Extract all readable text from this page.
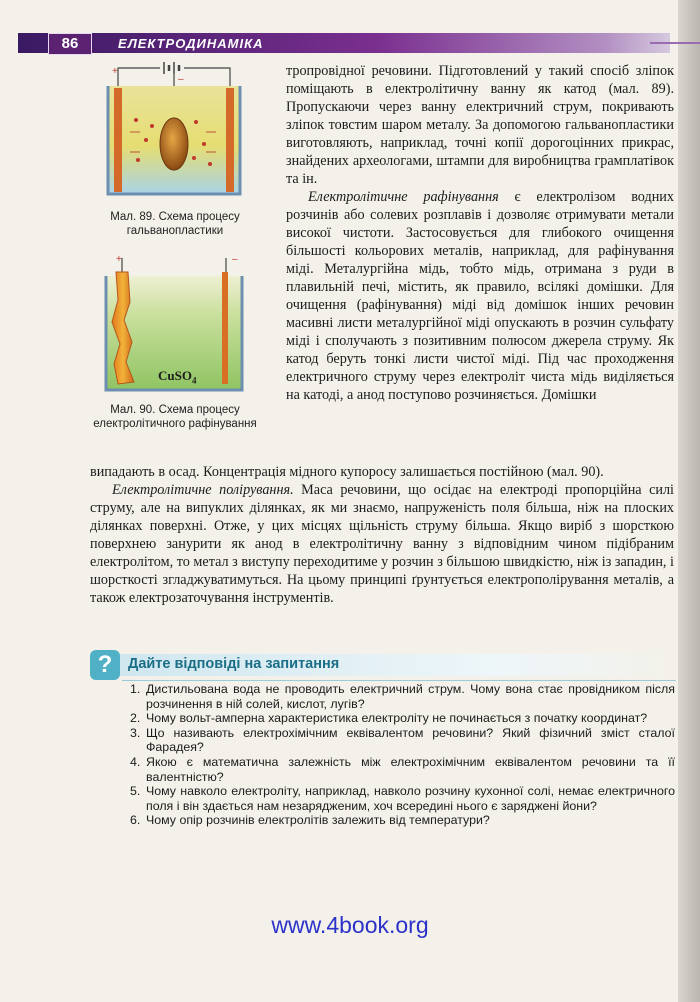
86	ЕЛЕКТРОДИНАМІКА
+
–
Мал. 89. Схема процесу гальванопластики
+	–
CuSO$_4$
Мал. 90. Схема процесу електролітичного рафінування

тропровідної речовини. Підготовлений у такий спосіб зліпок поміщають в електролітичну ванну як катод (мал. 89). Пропускаючи через ванну електричний струм, покривають зліпок товстим шаром металу. За допомогою гальванопластики виготовляють, наприклад, точні копії дорогоцінних прикрас, знайдених археологами, штампи для виробництва грамплатівок та ін.

Електролітичне рафінування є електролізом водних розчинів або солевих розплавів і дозволяє отримувати метали високої чистоти. Застосовується для глибокого очищення більшості кольорових металів, наприклад, для рафінування міді. Металургійна мідь, тобто мідь, отримана з руди в плавильній печі, містить, як правило, всілякі домішки. Для очищення (рафінування) міді від домішок інших речовин масивні листи металургійної міді опускають в розчин сульфату міді і сполучають з позитивним полюсом джерела струму. Як катод беруть тонкі листи чистої міді. Під час проходження електричного струму через електроліт чиста мідь виділяється на катоді, а анод поступово розчиняється. Домішки

випадають в осад. Концентрація мідного купоросу залишається постійною (мал. 90).

Електролітичне полірування. Маса речовини, що осідає на електроді пропорційна силі струму, але на випуклих ділянках, як ми знаємо, напруженість поля більша, ніж на плоских ділянках поверхні. Отже, у цих місцях щільність струму більша. Якщо виріб з шорсткою поверхнею занурити як анод в електролітичну ванну з відповідним чином підібраним електролітом, то метал з виступу переходитиме у розчин з більшою швидкістю, ніж із западин, і шорсткості згладжуватимуться. На цьому принципі ґрунтується електрополірування металів, а також електрозаточування інструментів.

?	Дайте відповіді на запитання
1. Дистильована вода не проводить електричний струм. Чому вона стає провідником після розчинення в ній солей, кислот, лугів?
2. Чому вольт-амперна характеристика електроліту не починається з початку координат?
3. Що називають електрохімічним еквівалентом речовини? Який фізичний зміст сталої Фарадея?
4. Якою є математична залежність між електрохімічним еквівалентом речовини та її валентністю?
5. Чому навколо електроліту, наприклад, навколо розчину кухонної солі, немає електричного поля і він здається нам незарядженим, хоч всередині нього є заряджені йони?
6. Чому опір розчинів електролітів залежить від температури?
www.4book.org
